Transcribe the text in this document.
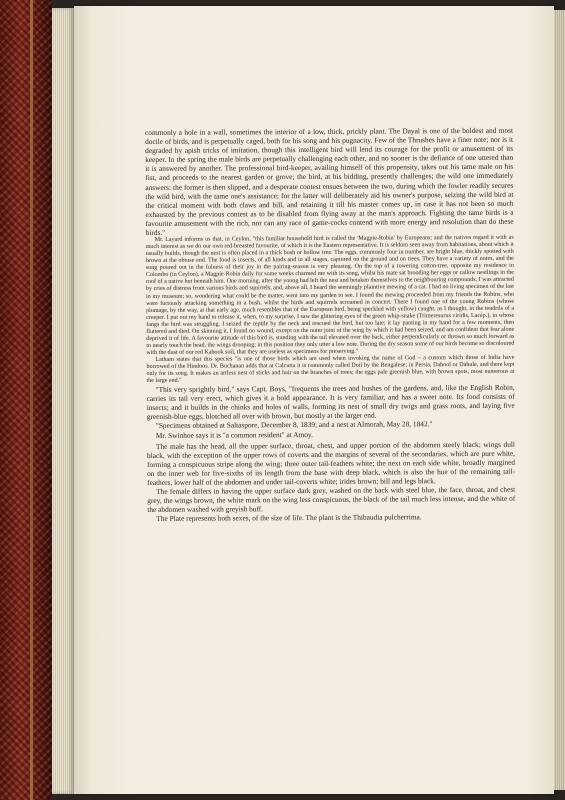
commonly a hole in a wall, sometimes the interior of a low, thick, prickly plant. The Dayal is one of the boldest and most docile of birds, and is perpetually caged, both for his song and his pugnacity. Few of the Thrushes have a finer note; nor is it degraded by apish tricks of imitation, though this intelligent bird will lend its courage for the profit or amusement of its keeper. In the spring the male birds are perpetually challenging each other, and no sooner is the defiance of one uttered than it is answered by another. The professional bird-keeper, availing himself of this propensity, takes out his tame male on his fist, and proceeds to the nearest garden or grove; the bird, at his bidding, presently challenges; the wild one immediately answers: the former is then slipped, and a desperate contest ensues between the two, during which the fowler readily secures the wild bird, with the tame one's assistance; for the latter will deliberately aid his owner's purpose, seizing the wild bird at the critical moment with both claws and bill, and retaining it till his master comes up, in case it has not been so much exhausted by the previous contest as to be disabled from flying away at the man's approach. Fighting the tame birds is a favourite amusement with the rich, nor can any race of game-cocks contend with more energy and resolution than do these birds."

Mr. Layard informs us that, in Ceylon, "this familiar household bird is called the 'Magpie-Robin' by Europeans; and the natives regard it with as much interest as we do our own red-breasted favourite, of which it is the Eastern representative. It is seldom seen away from habitations, about which it usually builds, though the nest is often placed in a thick bush or hollow tree. The eggs, commonly four in number, are bright blue, thickly spotted with brown at the obtuse end. The food is insects, of all kinds and in all stages, captured on the ground and on trees. They have a variety of notes, and the song poured out in the fulness of their joy in the pairing-season is very pleasing. On the top of a towering cotton-tree, opposite my residence in Colombo (in Ceylon), a Magpie-Robin daily for some weeks charmed me with its song, whilst his mate sat brooding her eggs or callow nestlings in the roof of a native hut beneath him. One morning, after the young had left the nest and betaken themselves to the neighbouring compounds, I was attracted by cries of distress from various birds and squirrels, and, above all, I heard the seemingly plaintive mewing of a cat. I had no living specimen of the last in my museum; so, wondering what could be the matter, went into my garden to see. I found the mewing proceeded from my friends the Robins, who were furiously attacking something in a bush, whilst the birds and squirrels screamed in concert. There I found one of the young Robins (whose plumage, by the way, at that early age, much resembles that of the European bird, being speckled with yellow) caught, as I thought, in the tendrils of a creeper. I put out my hand to release it, when, to my surprise, I saw the glittering eyes of the green whip-snake (Trimeresurus viridis, Lacép.), in whose fangs the bird was struggling. I seized the reptile by the neck and rescued the bird, but too late; it lay panting in my hand for a few moments, then fluttered and died. On skinning it, I found no wound, except on the outer joint of the wing by which it had been seized, and am confident that fear alone deprived it of life. A favourite attitude of this bird is, standing with the tail elevated over the back, either perpendicularly or thrown so much forward as to nearly touch the head, the wings drooping; in this position they only utter a low note. During the dry season some of our birds become so discoloured with the dust of our red Kabook soil, that they are useless as specimens for preserving."

Latham states that this species "is one of those birds which are used when invoking the name of God – a custom which those of India have borrowed of the Hindoos. Dr. Buchanan adds that at Calcutta it is commonly called Doil by the Bengalese; in Persia, Dahool or Dahule, and there kept only for its song. It makes an artless nest of sticks and hair on the branches of trees; the eggs pale greenish blue, with brown spots, most numerous at the large end."

"This very sprightly bird," says Capt. Boys, "frequents the trees and bushes of the gardens, and, like the English Robin, carries its tail very erect, which gives it a bold appearance. It is very familiar, and has a sweet note. Its food consists of insects; and it builds in the chinks and holes of walls, forming its nest of small dry twigs and grass roots, and laying five greenish-blue eggs, blotched all over with brown, but mostly at the larger end.

"Specimens obtained at Saltaspore, December 8, 1839; and a nest at Almorah, May 28, 1842."

Mr. Swinhoe says it is "a common resident" at Amoy.

The male has the head, all the upper surface, throat, chest, and upper portion of the abdomen steely black; wings dull black, with the exception of the upper rows of coverts and the margins of several of the secondaries, which are pure white, forming a conspicuous stripe along the wing; three outer tail-feathers white; the next on each side white, broadly margined on the inner web for five-sixths of its length from the base with deep black, which is also the hue of the remaining tail-feathers, lower half of the abdomen and under tail-coverts white; irides brown; bill and legs black.

The female differs in having the upper surface dark grey, washed on the back with steel blue, the face, throat, and chest grey, the wings brown, the white mark on the wing less conspicuous, the black of the tail much less intense, and the white of the abdomen washed with greyish buff.

The Plate represents both sexes, of the size of life. The plant is the Thibaudia pulcherrima.
